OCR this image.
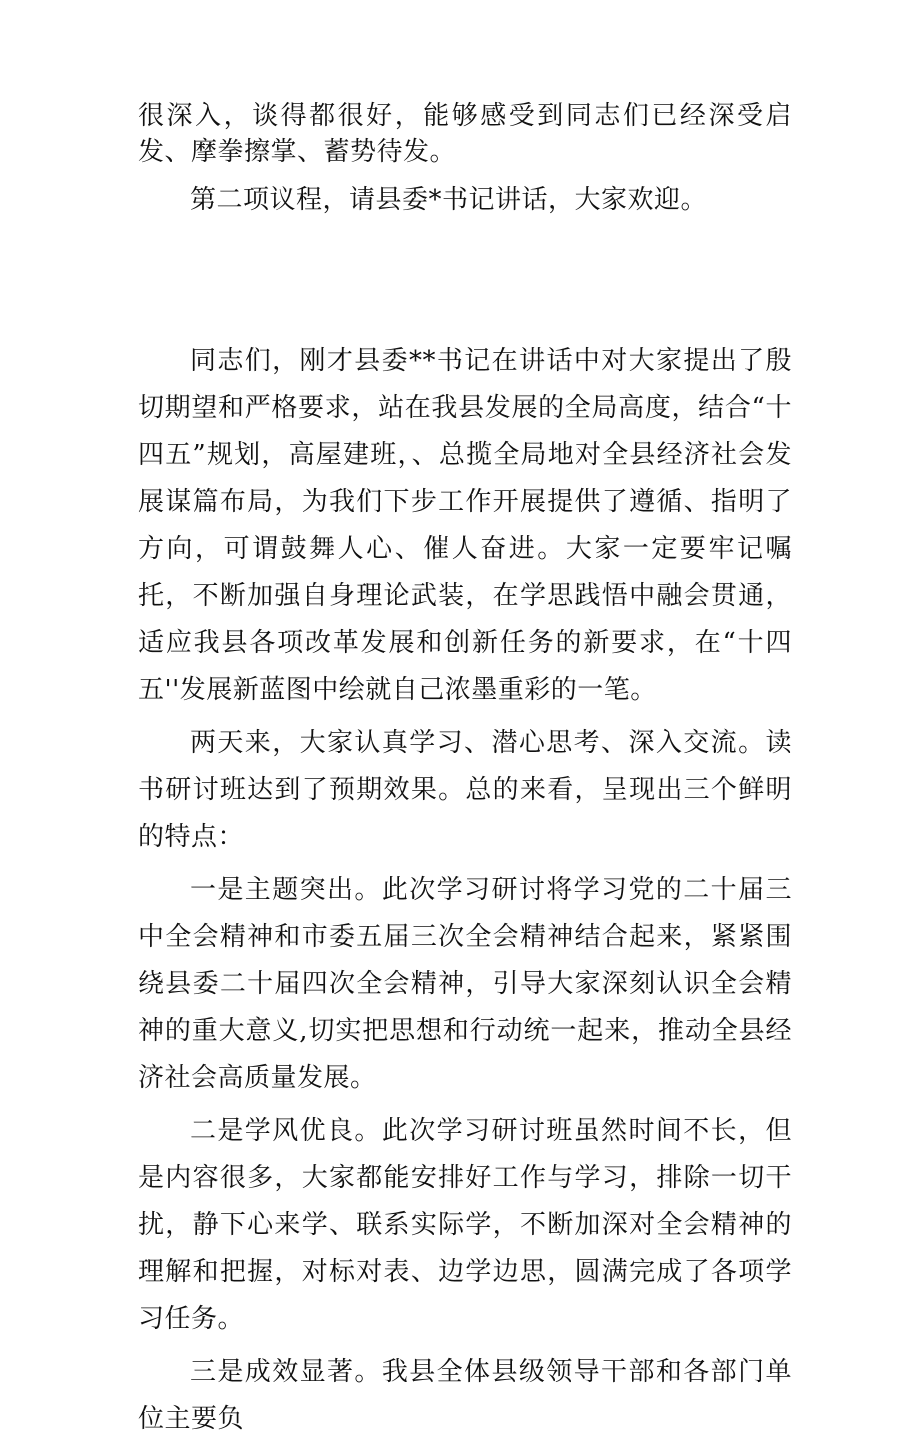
很深入，谈得都很好，能够感受到同志们已经深受启发、摩拳擦掌、蓄势待发。

第二项议程，请县委*书记讲话，大家欢迎。

同志们，刚才县委**书记在讲话中对大家提出了殷切期望和严格要求，站在我县发展的全局高度，结合“十四五”规划，高屋建班，、总揽全局地对全县经济社会发展谋篇布局，为我们下步工作开展提供了遵循、指明了方向，可谓鼓舞人心、催人奋进。大家一定要牢记嘱托，不断加强自身理论武装，在学思践悟中融会贯通，适应我县各项改革发展和创新任务的新要求，在“十四五''发展新蓝图中绘就自己浓墨重彩的一笔。

两天来，大家认真学习、潜心思考、深入交流。读书研讨班达到了预期效果。总的来看，呈现出三个鲜明的特点：

一是主题突出。此次学习研讨将学习党的二十届三中全会精神和市委五届三次全会精神结合起来，紧紧围绕县委二十届四次全会精神，引导大家深刻认识全会精神的重大意义,切实把思想和行动统一起来，推动全县经济社会高质量发展。

二是学风优良。此次学习研讨班虽然时间不长，但是内容很多，大家都能安排好工作与学习，排除一切干扰，静下心来学、联系实际学，不断加深对全会精神的理解和把握，对标对表、边学边思，圆满完成了各项学习任务。

三是成效显著。我县全体县级领导干部和各部门单位主要负
